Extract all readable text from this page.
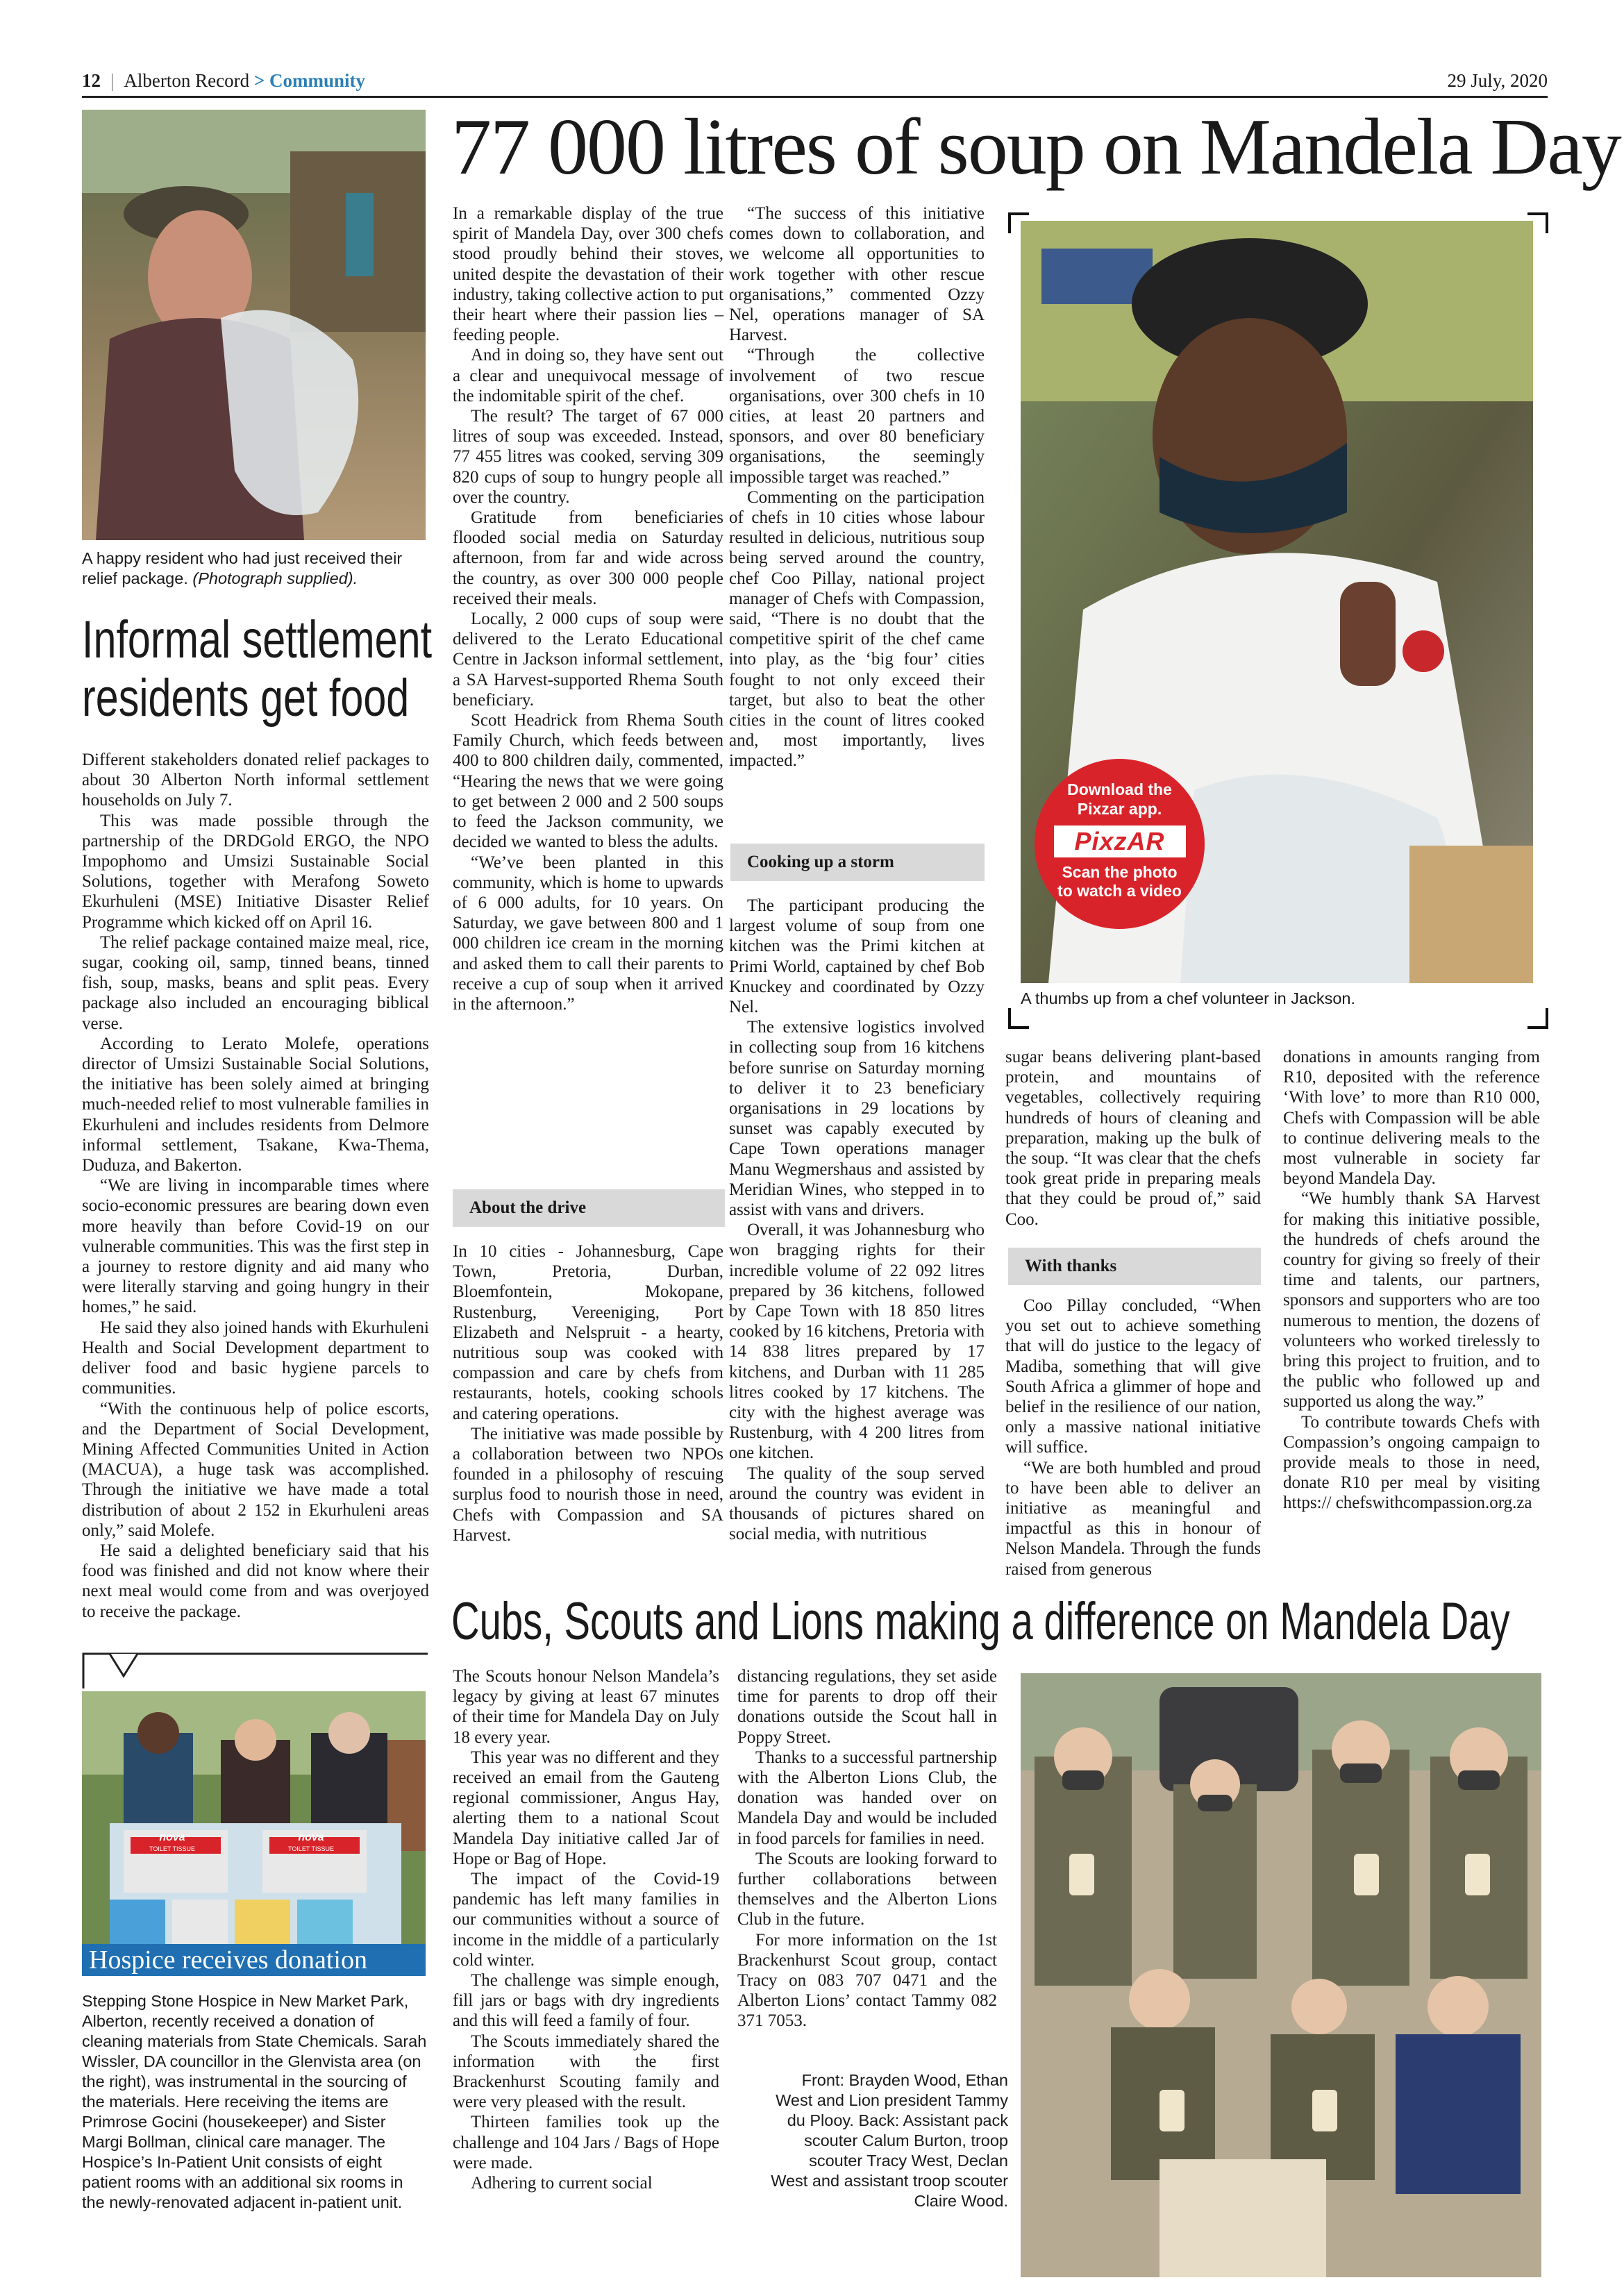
12 | Alberton Record > Community	29 July, 2020
A happy resident who had just received their relief package. (Photograph supplied).
Informal settlement
residents get food

Different stakeholders donated relief packages to about 30 Alberton North informal settlement households on July 7.

This was made possible through the partnership of the DRDGold ERGO, the NPO Impophomo and Umsizi Sustainable Social Solutions, together with Merafong Soweto Ekurhuleni (MSE) Initiative Disaster Relief Programme which kicked off on April 16.

The relief package contained maize meal, rice, sugar, cooking oil, samp, tinned beans, tinned fish, soup, masks, beans and split peas. Every package also included an encouraging biblical verse.

According to Lerato Molefe, operations director of Umsizi Sustainable Social Solutions, the initiative has been solely aimed at bringing much-needed relief to most vulnerable families in Ekurhuleni and includes residents from Delmore informal settlement, Tsakane, Kwa-Thema, Duduza, and Bakerton.

“We are living in incomparable times where socio-economic pressures are bearing down even more heavily than before Covid-19 on our vulnerable communities. This was the first step in a journey to restore dignity and aid many who were literally starving and going hungry in their homes,” he said.

He said they also joined hands with Ekurhuleni Health and Social Development department to deliver food and basic hygiene parcels to communities.

“With the continuous help of police escorts, and the Department of Social Development, Mining Affected Communities United in Action (MACUA), a huge task was accomplished. Through the initiative we have made a total distribution of about 2 152 in Ekurhuleni areas only,” said Molefe.

He said a delighted beneficiary said that his food was finished and did not know where their next meal would come from and was overjoyed to receive the package.

77 000 litres of soup on Mandela Day

In a remarkable display of the true spirit of Mandela Day, over 300 chefs stood proudly behind their stoves, united despite the devastation of their industry, taking collective action to put their heart where their passion lies – feeding people.

And in doing so, they have sent out a clear and unequivocal message of the indomitable spirit of the chef.

The result? The target of 67 000 litres of soup was exceeded. Instead, 77 455 litres was cooked, serving 309 820 cups of soup to hungry people all over the country.

Gratitude from beneficiaries flooded social media on Saturday afternoon, from far and wide across the country, as over 300 000 people received their meals.

Locally, 2 000 cups of soup were delivered to the Lerato Educational Centre in Jackson informal settlement, a SA Harvest-supported Rhema South beneficiary.

Scott Headrick from Rhema South Family Church, which feeds between 400 to 800 children daily, commented, “Hearing the news that we were going to get between 2 000 and 2 500 soups to feed the Jackson community, we decided we wanted to bless the adults.

“We’ve been planted in this community, which is home to upwards of 6 000 adults, for 10 years. On Saturday, we gave between 800 and 1 000 children ice cream in the morning and asked them to call their parents to receive a cup of soup when it arrived in the afternoon.”

About the drive

In 10 cities - Johannesburg, Cape Town, Pretoria, Durban, Bloemfontein, Mokopane, Rustenburg, Vereeniging, Port Elizabeth and Nelspruit - a hearty, nutritious soup was cooked with compassion and care by chefs from restaurants, hotels, cooking schools and catering operations.

The initiative was made possible by a collaboration between two NPOs founded in a philosophy of rescuing surplus food to nourish those in need, Chefs with Compassion and SA Harvest.

“The success of this initiative comes down to collaboration, and we welcome all opportunities to work together with other rescue organisations,” commented Ozzy Nel, operations manager of SA Harvest.

“Through the collective involvement of two rescue organisations, over 300 chefs in 10 cities, at least 20 partners and sponsors, and over 80 beneficiary organisations, the seemingly impossible target was reached.”

Commenting on the participation of chefs in 10 cities whose labour resulted in delicious, nutritious soup being served around the country, chef Coo Pillay, national project manager of Chefs with Compassion, said, “There is no doubt that the competitive spirit of the chef came into play, as the ‘big four’ cities fought to not only exceed their target, but also to beat the other cities in the count of litres cooked and, most importantly, lives impacted.”

Cooking up a storm

The participant producing the largest volume of soup from one kitchen was the Primi kitchen at Primi World, captained by chef Bob Knuckey and coordinated by Ozzy Nel.

The extensive logistics involved in collecting soup from 16 kitchens before sunrise on Saturday morning to deliver it to 23 beneficiary organisations in 29 locations by sunset was capably executed by Cape Town operations manager Manu Wegmershaus and assisted by Meridian Wines, who stepped in to assist with vans and drivers.

Overall, it was Johannesburg who won bragging rights for their incredible volume of 22 092 litres prepared by 36 kitchens, followed by Cape Town with 18 850 litres cooked by 16 kitchens, Pretoria with 14 838 litres prepared by 17 kitchens, and Durban with 11 285 litres cooked by 17 kitchens. The city with the highest average was Rustenburg, with 4 200 litres from one kitchen.

The quality of the soup served around the country was evident in thousands of pictures shared on social media, with nutritious

Download the Pixzar app.
PixzAR
Scan the photo to watch a video
A thumbs up from a chef volunteer in Jackson.

sugar beans delivering plant-based protein, and mountains of vegetables, collectively requiring hundreds of hours of cleaning and preparation, making up the bulk of the soup. “It was clear that the chefs took great pride in preparing meals that they could be proud of,” said Coo.

With thanks

Coo Pillay concluded, “When you set out to achieve something that will do justice to the legacy of Madiba, something that will give South Africa a glimmer of hope and belief in the resilience of our nation, only a massive national initiative will suffice.

“We are both humbled and proud to have been able to deliver an initiative as meaningful and impactful as this in honour of Nelson Mandela. Through the funds raised from generous

donations in amounts ranging from R10, deposited with the reference ‘With love’ to more than R10 000, Chefs with Compassion will be able to continue delivering meals to the most vulnerable in society far beyond Mandela Day.

“We humbly thank SA Harvest for making this initiative possible, the hundreds of chefs around the country for giving so freely of their time and talents, our partners, sponsors and supporters who are too numerous to mention, the dozens of volunteers who worked tirelessly to bring this project to fruition, and to the public who followed up and supported us along the way.”

To contribute towards Chefs with Compassion’s ongoing campaign to provide meals to those in need, donate R10 per meal by visiting https:// chefswithcompassion.org.za

Cubs, Scouts and Lions making a difference on Mandela Day

The Scouts honour Nelson Mandela’s legacy by giving at least 67 minutes of their time for Mandela Day on July 18 every year.

This year was no different and they received an email from the Gauteng regional commissioner, Angus Hay, alerting them to a national Scout Mandela Day initiative called Jar of Hope or Bag of Hope.

The impact of the Covid-19 pandemic has left many families in our communities without a source of income in the middle of a particularly cold winter.

The challenge was simple enough, fill jars or bags with dry ingredients and this will feed a family of four.

The Scouts immediately shared the information with the first Brackenhurst Scouting family and were very pleased with the result.

Thirteen families took up the challenge and 104 Jars / Bags of Hope were made.

Adhering to current social

distancing regulations, they set aside time for parents to drop off their donations outside the Scout hall in Poppy Street.

Thanks to a successful partnership with the Alberton Lions Club, the donation was handed over on Mandela Day and would be included in food parcels for families in need.

The Scouts are looking forward to further collaborations between themselves and the Alberton Lions Club in the future.

For more information on the 1st Brackenhurst Scout group, contact Tracy on 083 707 0471 and the Alberton Lions’ contact Tammy 082 371 7053.

Front: Brayden Wood, Ethan West and Lion president Tammy du Plooy. Back: Assistant pack scouter Calum Burton, troop scouter Tracy West, Declan West and assistant troop scouter Claire Wood.
nova	nova
TOILET TISSUE	TOILET TISSUE
Hospice receives donation
Stepping Stone Hospice in New Market Park, Alberton, recently received a donation of cleaning materials from State Chemicals. Sarah Wissler, DA councillor in the Glenvista area (on the right), was instrumental in the sourcing of the materials. Here receiving the items are Primrose Gocini (housekeeper) and Sister Margi Bollman, clinical care manager. The Hospice’s In-Patient Unit consists of eight patient rooms with an additional six rooms in the newly-renovated adjacent in-patient unit.
